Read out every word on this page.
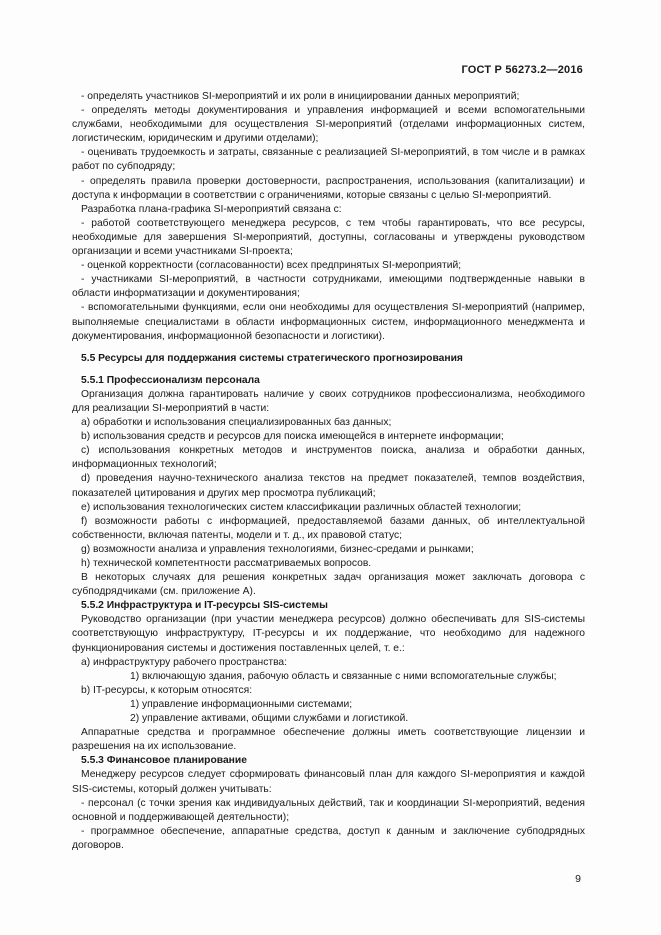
ГОСТ Р 56273.2—2016

- определять участников SI-мероприятий и их роли в инициировании данных мероприятий;

- определять методы документирования и управления информацией и всеми вспомогательными службами, необходимыми для осуществления SI-мероприятий (отделами информационных систем, логистическим, юридическим и другими отделами);

- оценивать трудоемкость и затраты, связанные с реализацией SI-мероприятий, в том числе и в рамках работ по субподряду;

- определять правила проверки достоверности, распространения, использования (капитализации) и доступа к информации в соответствии с ограничениями, которые связаны с целью SI-мероприятий.

Разработка плана-графика SI-мероприятий связана с:

- работой соответствующего менеджера ресурсов, с тем чтобы гарантировать, что все ресурсы, необходимые для завершения SI-мероприятий, доступны, согласованы и утверждены руководством организации и всеми участниками SI-проекта;

- оценкой корректности (согласованности) всех предпринятых SI-мероприятий;

- участниками SI-мероприятий, в частности сотрудниками, имеющими подтвержденные навыки в области информатизации и документирования;

- вспомогательными функциями, если они необходимы для осуществления SI-мероприятий (например, выполняемые специалистами в области информационных систем, информационного менеджмента и документирования, информационной безопасности и логистики).

5.5 Ресурсы для поддержания системы стратегического прогнозирования

5.5.1 Профессионализм персонала

Организация должна гарантировать наличие у своих сотрудников профессионализма, необходимого для реализации SI-мероприятий в части:

a) обработки и использования специализированных баз данных;

b) использования средств и ресурсов для поиска имеющейся в интернете информации;

c) использования конкретных методов и инструментов поиска, анализа и обработки данных, информационных технологий;

d) проведения научно-технического анализа текстов на предмет показателей, темпов воздействия, показателей цитирования и других мер просмотра публикаций;

e) использования технологических систем классификации различных областей технологии;

f) возможности работы с информацией, предоставляемой базами данных, об интеллектуальной собственности, включая патенты, модели и т. д., их правовой статус;

g) возможности анализа и управления технологиями, бизнес-средами и рынками;

h) технической компетентности рассматриваемых вопросов.

В некоторых случаях для решения конкретных задач организация может заключать договора с субподрядчиками (см. приложение А).

5.5.2 Инфраструктура и IT-ресурсы SIS-системы

Руководство организации (при участии менеджера ресурсов) должно обеспечивать для SIS-системы соответствующую инфраструктуру, IT-ресурсы и их поддержание, что необходимо для надежного функционирования системы и достижения поставленных целей, т. е.:

a) инфраструктуру рабочего пространства:

1) включающую здания, рабочую область и связанные с ними вспомогательные службы;

b) IT-ресурсы, к которым относятся:

1) управление информационными системами;

2) управление активами, общими службами и логистикой.

Аппаратные средства и программное обеспечение должны иметь соответствующие лицензии и разрешения на их использование.

5.5.3 Финансовое планирование

Менеджеру ресурсов следует сформировать финансовый план для каждого SI-мероприятия и каждой SIS-системы, который должен учитывать:

- персонал (с точки зрения как индивидуальных действий, так и координации SI-мероприятий, ведения основной и поддерживающей деятельности);

- программное обеспечение, аппаратные средства, доступ к данным и заключение субподрядных договоров.

9
